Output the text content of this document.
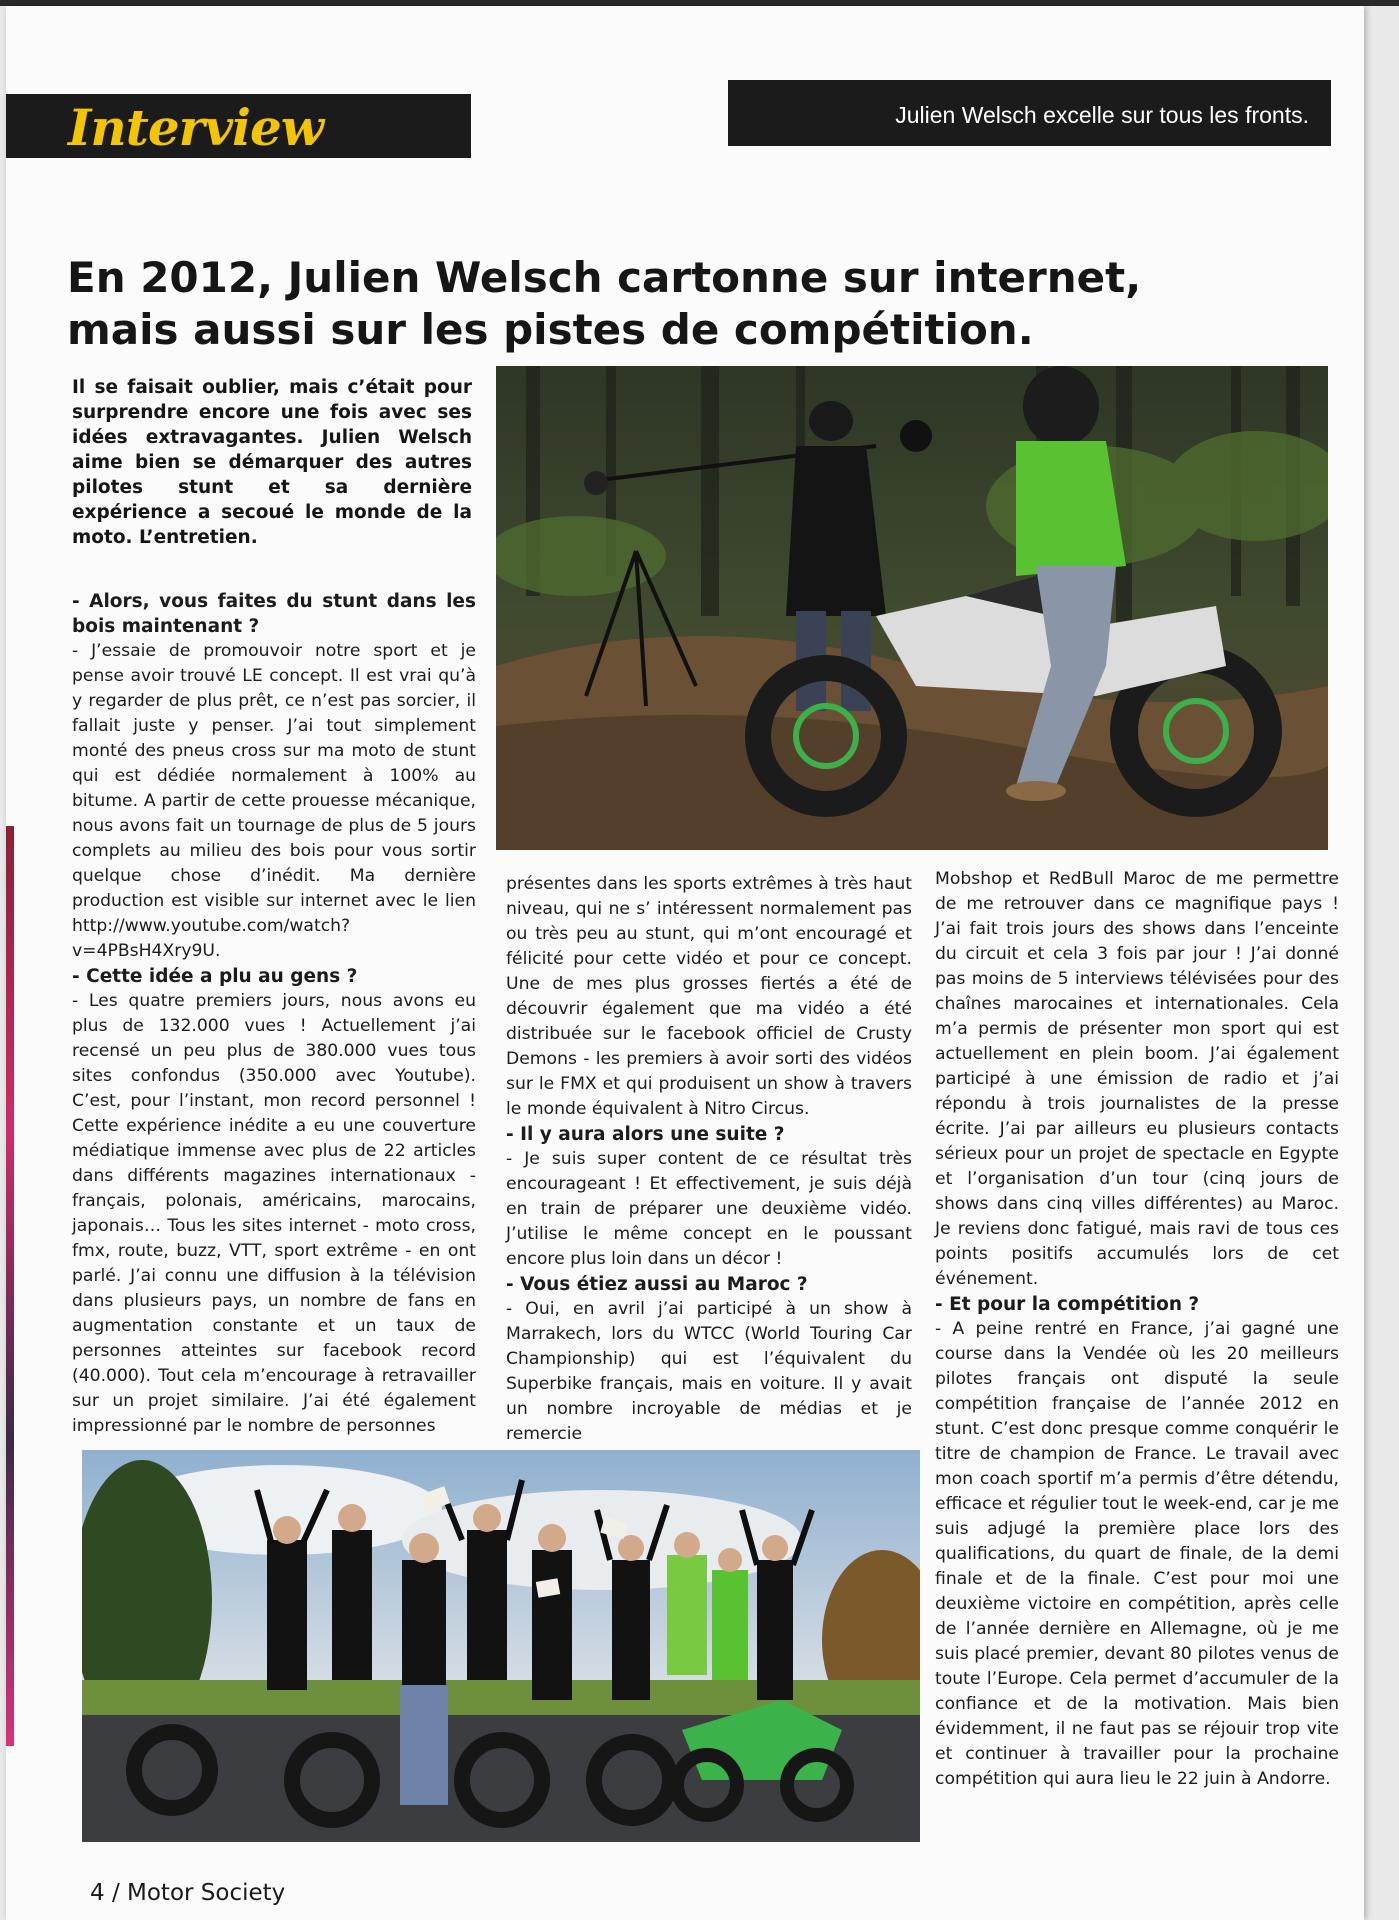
Interview	Julien Welsch excelle sur tous les fronts.
En 2012, Julien Welsch cartonne sur internet,
mais aussi sur les pistes de compétition.

Il se faisait oublier, mais c’était pour surprendre encore une fois avec ses idées extravagantes. Julien Welsch aime bien se démarquer des autres pilotes stunt et sa dernière expérience a secoué le monde de la moto. L’entretien.

- Alors, vous faites du stunt dans les bois maintenant ?

- J’essaie de promouvoir notre sport et je pense avoir trouvé LE concept. Il est vrai qu’à y regarder de plus prêt, ce n’est pas sorcier, il fallait juste y penser. J’ai tout simplement monté des pneus cross sur ma moto de stunt qui est dédiée normalement à 100% au bitume. A partir de cette prouesse mécanique, nous avons fait un tournage de plus de 5 jours complets au milieu des bois pour vous sortir quelque chose d’inédit. Ma dernière production est visible sur internet avec le lien http://www.youtube.com/watch?v=4PBsH4Xry9U.

- Cette idée a plu au gens ?

- Les quatre premiers jours, nous avons eu plus de 132.000 vues ! Actuellement j’ai recensé un peu plus de 380.000 vues tous sites confondus (350.000 avec Youtube). C’est, pour l’instant, mon record personnel ! Cette expérience inédite a eu une couverture médiatique immense avec plus de 22 articles dans différents magazines internationaux - français, polonais, américains, marocains, japonais… Tous les sites internet - moto cross, fmx, route, buzz, VTT, sport extrême - en ont parlé. J’ai connu une diffusion à la télévision dans plusieurs pays, un nombre de fans en augmentation constante et un taux de personnes atteintes sur facebook record (40.000). Tout cela m’encourage à retravailler sur un projet similaire. J’ai été également impressionné par le nombre de personnes

présentes dans les sports extrêmes à très haut niveau, qui ne s’ intéressent normalement pas ou très peu au stunt, qui m’ont encouragé et félicité pour cette vidéo et pour ce concept. Une de mes plus grosses fiertés a été de découvrir également que ma vidéo a été distribuée sur le facebook officiel de Crusty Demons - les premiers à avoir sorti des vidéos sur le FMX et qui produisent un show à travers le monde équivalent à Nitro Circus.

- Il y aura alors une suite ?

- Je suis super content de ce résultat très encourageant ! Et effectivement, je suis déjà en train de préparer une deuxième vidéo. J’utilise le même concept en le poussant encore plus loin dans un décor !

- Vous étiez aussi au Maroc ?

- Oui, en avril j’ai participé à un show à Marrakech, lors du WTCC (World Touring Car Championship) qui est l’équivalent du Superbike français, mais en voiture. Il y avait un nombre incroyable de médias et je remercie

Mobshop et RedBull Maroc de me permettre de me retrouver dans ce magnifique pays ! J’ai fait trois jours des shows dans l’enceinte du circuit et cela 3 fois par jour ! J’ai donné pas moins de 5 interviews télévisées pour des chaînes marocaines et internationales. Cela m’a permis de présenter mon sport qui est actuellement en plein boom. J’ai également participé à une émission de radio et j’ai répondu à trois journalistes de la presse écrite. J’ai par ailleurs eu plusieurs contacts sérieux pour un projet de spectacle en Egypte et l’organisation d’un tour (cinq jours de shows dans cinq villes différentes) au Maroc. Je reviens donc fatigué, mais ravi de tous ces points positifs accumulés lors de cet événement.

- Et pour la compétition ?

- A peine rentré en France, j’ai gagné une course dans la Vendée où les 20 meilleurs pilotes français ont disputé la seule compétition française de l’année 2012 en stunt. C’est donc presque comme conquérir le titre de champion de France. Le travail avec mon coach sportif m’a permis d’être détendu, efficace et régulier tout le week-end, car je me suis adjugé la première place lors des qualifications, du quart de finale, de la demi finale et de la finale. C’est pour moi une deuxième victoire en compétition, après celle de l’année dernière en Allemagne, où je me suis placé premier, devant 80 pilotes venus de toute l’Europe. Cela permet d’accumuler de la confiance et de la motivation. Mais bien évidemment, il ne faut pas se réjouir trop vite et continuer à travailler pour la prochaine compétition qui aura lieu le 22 juin à Andorre.

4 / Motor Society
